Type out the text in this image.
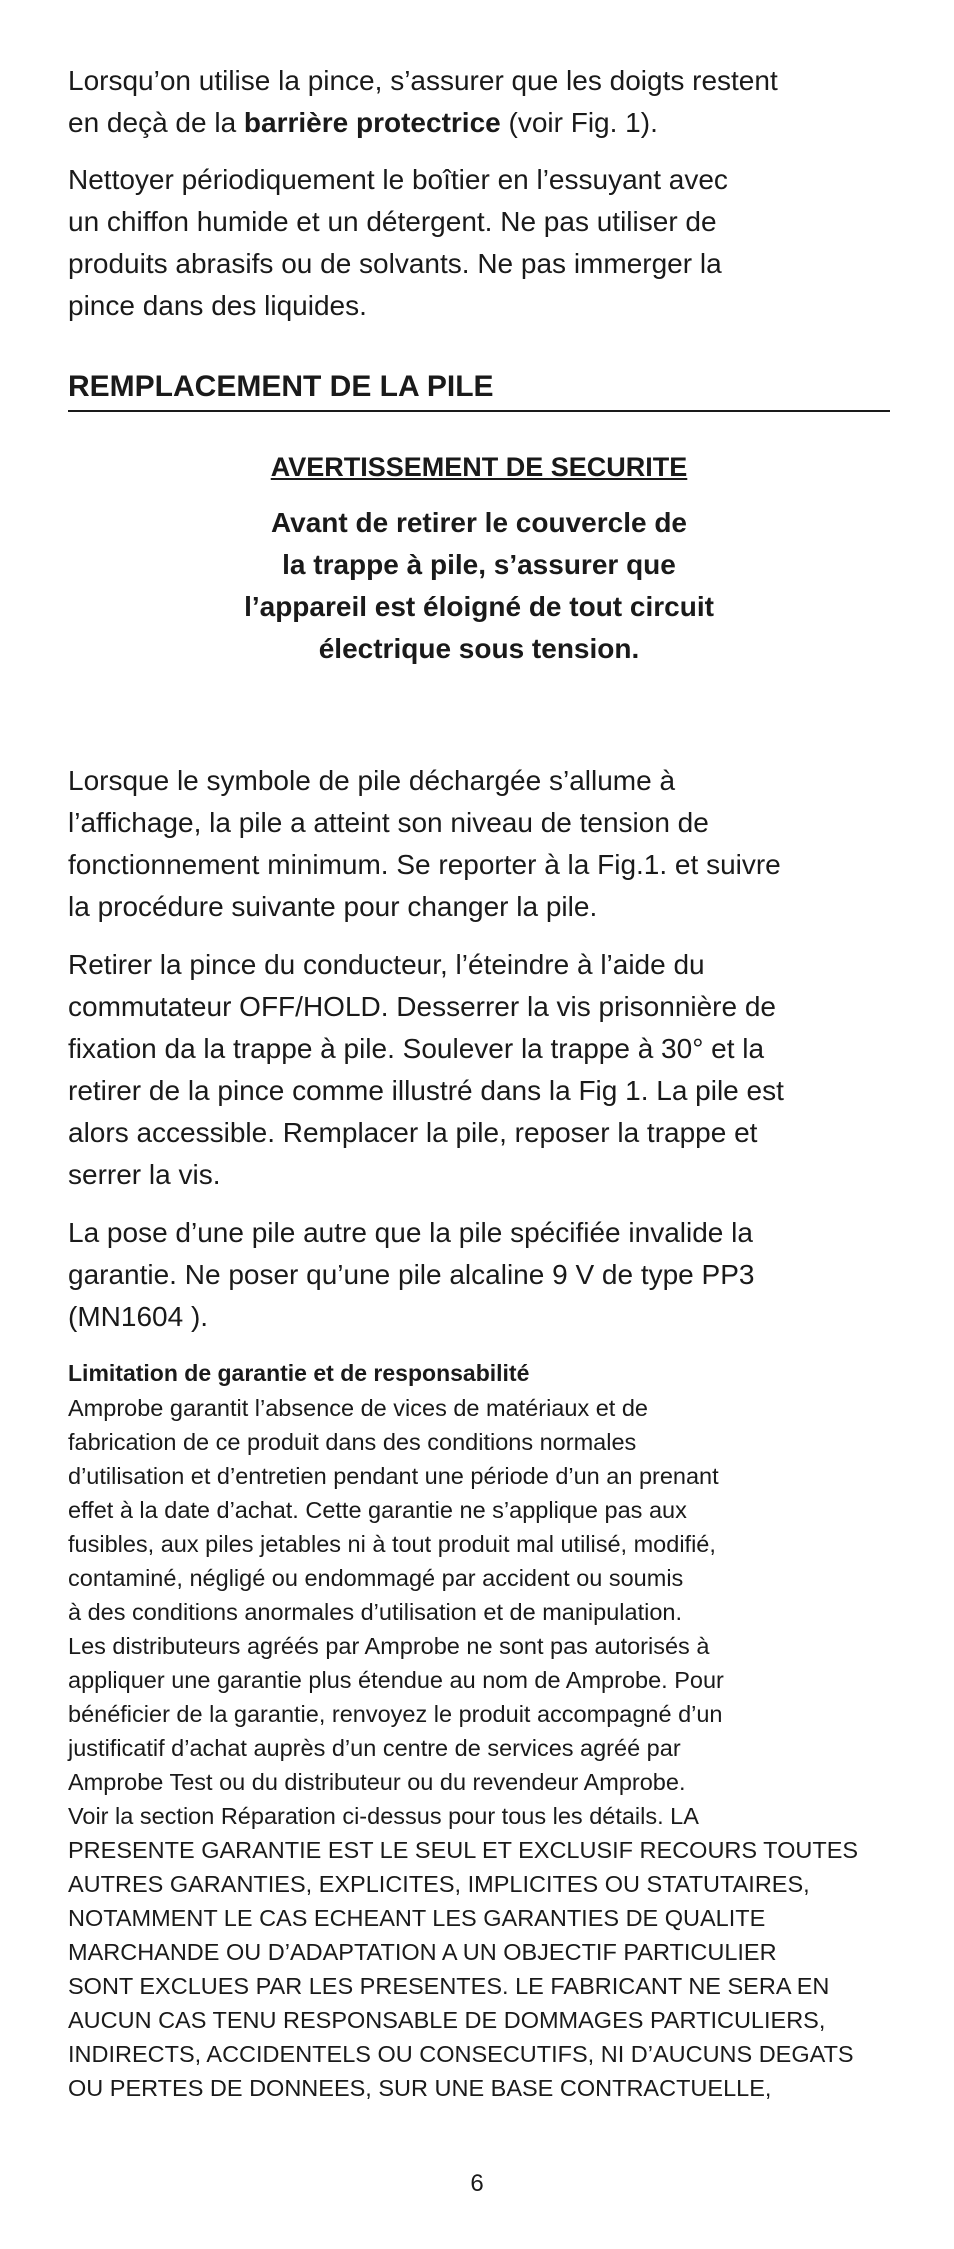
Lorsqu’on utilise la pince, s’assurer que les doigts restent
en deçà de la barrière protectrice (voir Fig. 1).
Nettoyer périodiquement le boîtier en l’essuyant avec
un chiffon humide et un détergent. Ne pas utiliser de
produits abrasifs ou de solvants. Ne pas immerger la
pince dans des liquides.
REMPLACEMENT DE LA PILE
AVERTISSEMENT DE SECURITE
Avant de retirer le couvercle de
la trappe à pile, s’assurer que
l’appareil est éloigné de tout circuit
électrique sous tension.
Lorsque le symbole de pile déchargée s’allume à
l’affichage, la pile a atteint son niveau de tension de
fonctionnement minimum. Se reporter à la Fig.1. et suivre
la procédure suivante pour changer la pile.
Retirer la pince du conducteur, l’éteindre à l’aide du
commutateur OFF/HOLD. Desserrer la vis prisonnière de
fixation da la trappe à pile. Soulever la trappe à 30° et la
retirer de la pince comme illustré dans la Fig 1. La pile est
alors accessible. Remplacer la pile, reposer la trappe et
serrer la vis.
La pose d’une pile autre que la pile spécifiée invalide la
garantie. Ne poser qu’une pile alcaline 9 V de type PP3
(MN1604 ).
Limitation de garantie et de responsabilité
Amprobe garantit l’absence de vices de matériaux et de
fabrication de ce produit dans des conditions normales
d’utilisation et d’entretien pendant une période d’un an prenant
effet à la date d’achat. Cette garantie ne s’applique pas aux
fusibles, aux piles jetables ni à tout produit mal utilisé, modifié,
contaminé, négligé ou endommagé par accident ou soumis
à des conditions anormales d’utilisation et de manipulation.
Les distributeurs agréés par Amprobe ne sont pas autorisés à
appliquer une garantie plus étendue au nom de Amprobe. Pour
bénéficier de la garantie, renvoyez le produit accompagné d’un
justificatif d’achat auprès d’un centre de services agréé par
Amprobe Test ou du distributeur ou du revendeur Amprobe.
Voir la section Réparation ci-dessus pour tous les détails. LA
PRESENTE GARANTIE EST LE SEUL ET EXCLUSIF RECOURS TOUTES
AUTRES GARANTIES, EXPLICITES, IMPLICITES OU STATUTAIRES,
NOTAMMENT LE CAS ECHEANT LES GARANTIES DE QUALITE
MARCHANDE OU D’ADAPTATION A UN OBJECTIF PARTICULIER
SONT EXCLUES PAR LES PRESENTES. LE FABRICANT NE SERA EN
AUCUN CAS TENU RESPONSABLE DE DOMMAGES PARTICULIERS,
INDIRECTS, ACCIDENTELS OU CONSECUTIFS, NI D’AUCUNS DEGATS
OU PERTES DE DONNEES, SUR UNE BASE CONTRACTUELLE,
6
